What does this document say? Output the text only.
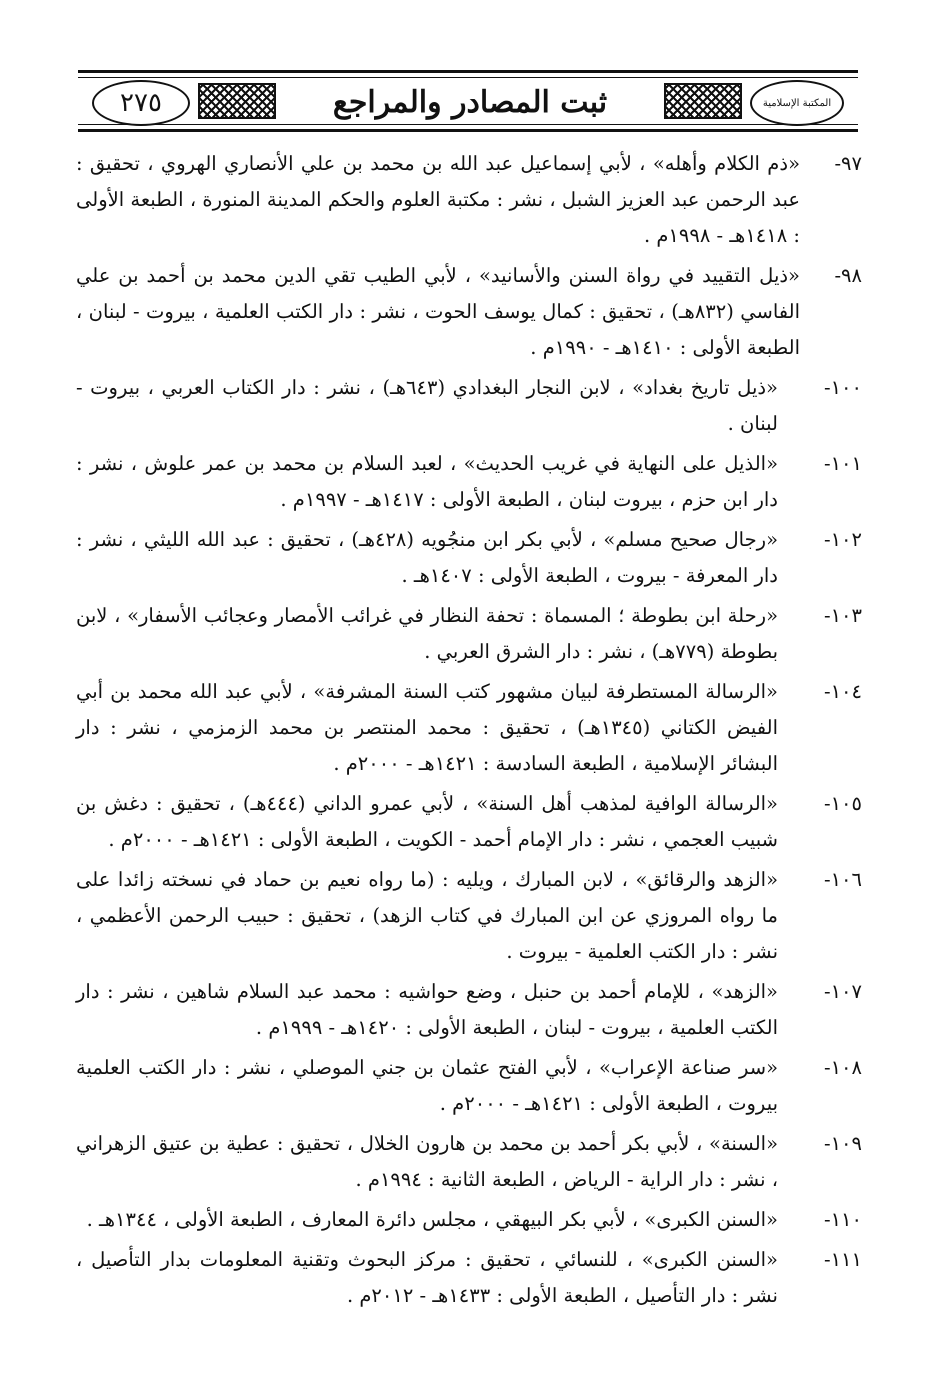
المكتبة الإسلامية
ثبت المصادر والمراجع
٢٧٥
٩٧-
«ذم الكلام وأهله» ، لأبي إسماعيل عبد الله بن محمد بن علي الأنصاري الهروي ، تحقيق : عبد الرحمن عبد العزيز الشبل ، نشر : مكتبة العلوم والحكم المدينة المنورة ، الطبعة الأولى : ١٤١٨هـ - ١٩٩٨م .
٩٨-
«ذيل التقييد في رواة السنن والأسانيد» ، لأبي الطيب تقي الدين محمد بن أحمد بن علي الفاسي (٨٣٢هـ) ، تحقيق : كمال يوسف الحوت ، نشر : دار الكتب العلمية ، بيروت - لبنان ، الطبعة الأولى : ١٤١٠هـ - ١٩٩٠م .
١٠٠-
«ذيل تاريخ بغداد» ، لابن النجار البغدادي (٦٤٣هـ) ، نشر : دار الكتاب العربي ، بيروت - لبنان .
١٠١-
«الذيل على النهاية في غريب الحديث» ، لعبد السلام بن محمد بن عمر علوش ، نشر : دار ابن حزم ، بيروت لبنان ، الطبعة الأولى : ١٤١٧هـ - ١٩٩٧م .
١٠٢-
«رجال صحيح مسلم» ، لأبي بكر ابن منجُويه (٤٢٨هـ) ، تحقيق : عبد الله الليثي ، نشر : دار المعرفة - بيروت ، الطبعة الأولى : ١٤٠٧هـ .
١٠٣-
«رحلة ابن بطوطة ؛ المسماة : تحفة النظار في غرائب الأمصار وعجائب الأسفار» ، لابن بطوطة (٧٧٩هـ) ، نشر : دار الشرق العربي .
١٠٤-
«الرسالة المستطرفة لبيان مشهور كتب السنة المشرفة» ، لأبي عبد الله محمد بن أبي الفيض الكتاني (١٣٤٥هـ) ، تحقيق : محمد المنتصر بن محمد الزمزمي ، نشر : دار البشائر الإسلامية ، الطبعة السادسة : ١٤٢١هـ - ٢٠٠٠م .
١٠٥-
«الرسالة الوافية لمذهب أهل السنة» ، لأبي عمرو الداني (٤٤٤هـ) ، تحقيق : دغش بن شبيب العجمي ، نشر : دار الإمام أحمد - الكويت ، الطبعة الأولى : ١٤٢١هـ - ٢٠٠٠م .
١٠٦-
«الزهد والرقائق» ، لابن المبارك ، ويليه : (ما رواه نعيم بن حماد في نسخته زائدا على ما رواه المروزي عن ابن المبارك في كتاب الزهد) ، تحقيق : حبيب الرحمن الأعظمي ، نشر : دار الكتب العلمية - بيروت .
١٠٧-
«الزهد» ، للإمام أحمد بن حنبل ، وضع حواشيه : محمد عبد السلام شاهين ، نشر : دار الكتب العلمية ، بيروت - لبنان ، الطبعة الأولى : ١٤٢٠هـ - ١٩٩٩م .
١٠٨-
«سر صناعة الإعراب» ، لأبي الفتح عثمان بن جني الموصلي ، نشر : دار الكتب العلمية بيروت ، الطبعة الأولى : ١٤٢١هـ - ٢٠٠٠م .
١٠٩-
«السنة» ، لأبي بكر أحمد بن محمد بن هارون الخلال ، تحقيق : عطية بن عتيق الزهراني ، نشر : دار الراية - الرياض ، الطبعة الثانية : ١٩٩٤م .
١١٠-
«السنن الكبرى» ، لأبي بكر البيهقي ، مجلس دائرة المعارف ، الطبعة الأولى ، ١٣٤٤هـ .
١١١-
«السنن الكبرى» ، للنسائي ، تحقيق : مركز البحوث وتقنية المعلومات بدار التأصيل ، نشر : دار التأصيل ، الطبعة الأولى : ١٤٣٣هـ - ٢٠١٢م .
